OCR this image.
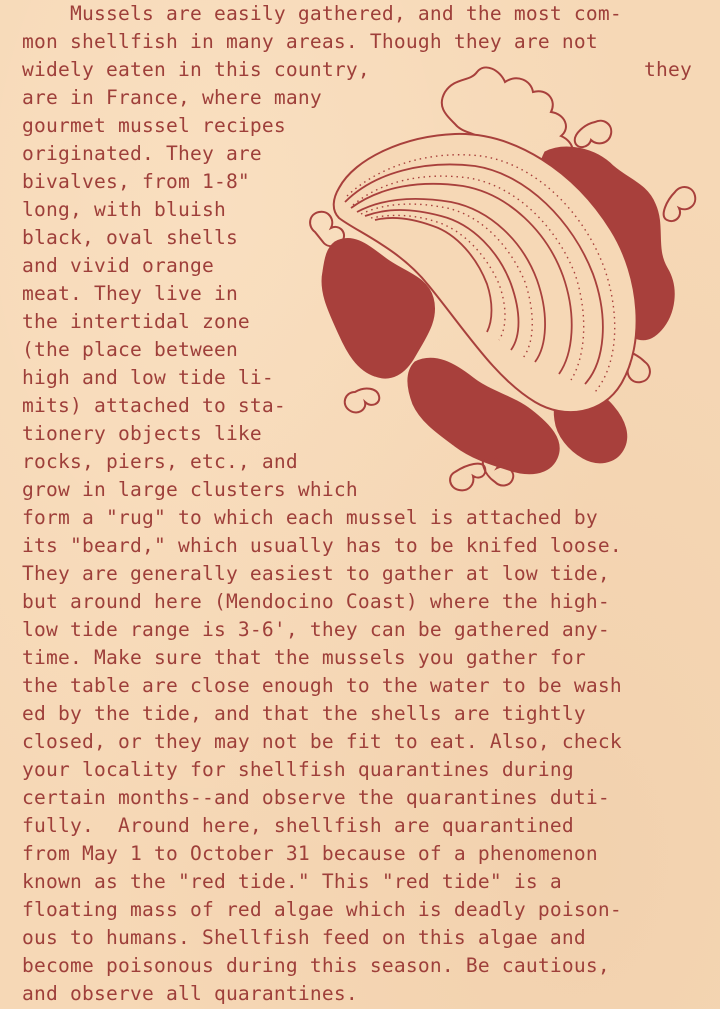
Mussels are easily gathered, and the most com-

mon shellfish in many areas. Though they are not

widely eaten in this country,	they

are in France, where many

gourmet mussel recipes

originated. They are

bivalves, from 1-8"

long, with bluish

black, oval shells

and vivid orange

meat. They live in

the intertidal zone

(the place between

high and low tide li-

mits) attached to sta-

tionery objects like

rocks, piers, etc., and

grow in large clusters which

form a "rug" to which each mussel is attached by

its "beard," which usually has to be knifed loose.

They are generally easiest to gather at low tide,

but around here (Mendocino Coast) where the high-

low tide range is 3-6', they can be gathered any-

time. Make sure that the mussels you gather for

the table are close enough to the water to be wash

ed by the tide, and that the shells are tightly

closed, or they may not be fit to eat. Also, check

your locality for shellfish quarantines during

certain months--and observe the quarantines duti-

fully.  Around here, shellfish are quarantined

from May 1 to October 31 because of a phenomenon

known as the "red tide." This "red tide" is a

floating mass of red algae which is deadly poison-

ous to humans. Shellfish feed on this algae and

become poisonous during this season. Be cautious,

and observe all quarantines.
